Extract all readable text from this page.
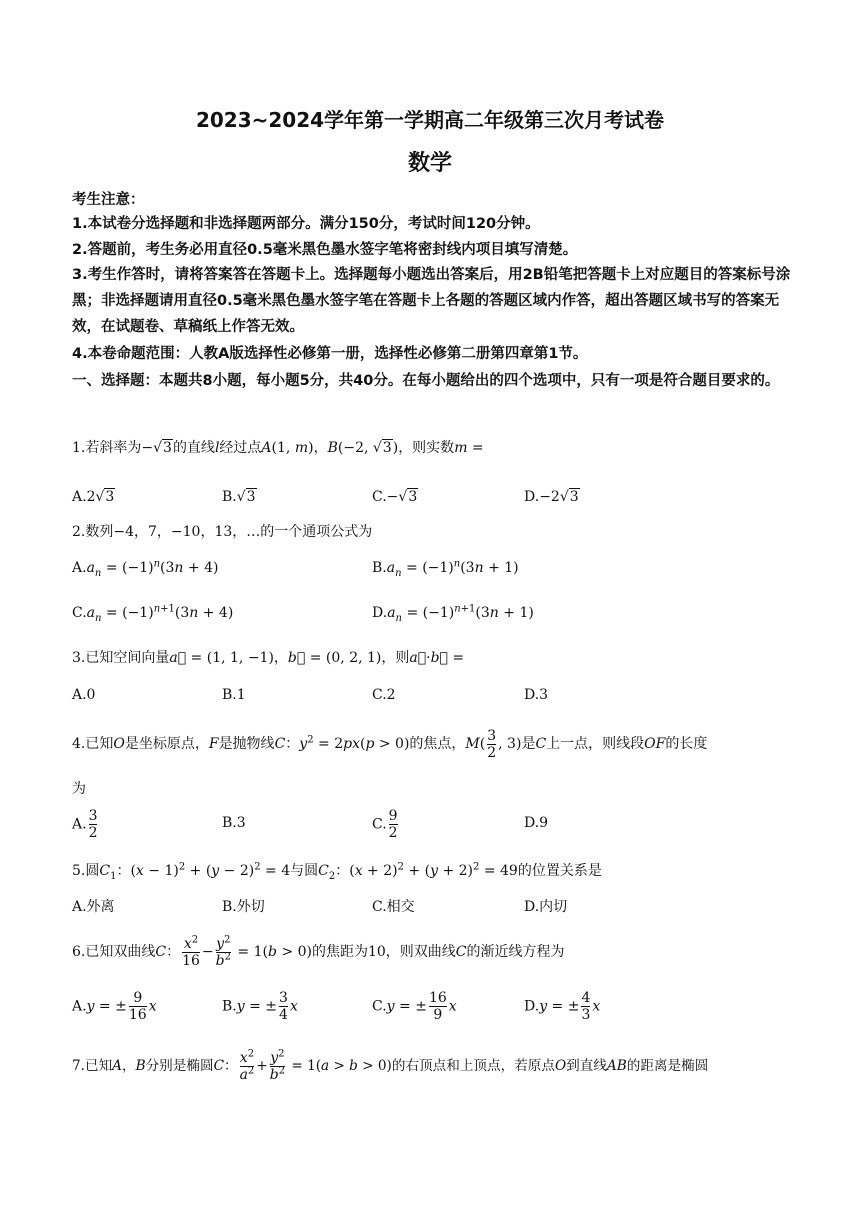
2023~2024学年第一学期高二年级第三次月考试卷
数学
考生注意：
1.本试卷分选择题和非选择题两部分。满分150分，考试时间120分钟。
2.答题前，考生务必用直径0.5毫米黑色墨水签字笔将密封线内项目填写清楚。
3.考生作答时，请将答案答在答题卡上。选择题每小题选出答案后，用2B铅笔把答题卡上对应题目的答案标号涂黑；非选择题请用直径0.5毫米黑色墨水签字笔在答题卡上各题的答题区域内作答，超出答题区域书写的答案无效，在试题卷、草稿纸上作答无效。
4.本卷命题范围：人教A版选择性必修第一册，选择性必修第二册第四章第1节。
一、选择题：本题共8小题，每小题5分，共40分。在每小题给出的四个选项中，只有一项是符合题目要求的。
1.若斜率为−√3的直线l经过点A(1, m)，B(−2, √3)，则实数m =
A.2√3	B.√3	C.−√3	D.−2√3
2.数列−4，7，−10，13，…的一个通项公式为
$A.a_n = (-1)^n(3n + 4)$	$B.a_n = (-1)^n(3n + 1)$
$C.a_n = (-1)^{n+1}(3n + 4)$	$D.a_n = (-1)^{n+1}(3n + 1)$
3.已知空间向量a⃗ = (1, 1, −1)，b⃗ = (0, 2, 1)，则a⃗·b⃗ =
A.0	B.1	C.2	D.3
4.已知O是坐标原点，F是抛物线C：$y^2 = 2px(p > 0)$的焦点，$M( \frac{3}{2}$ , 3)是C上一点，则线段OF的长度
为
A. $\frac{3}{2}$	B.3	C. $\frac{9}{2}$	D.9
5.圆$C_1$：$(x - 1)^2 + (y - 2)^2 = 4$与圆$C_2$：$(x + 2)^2 + (y + 2)^2 = 49$的位置关系是
A.外离	B.外切	C.相交	D.内切
6.已知双曲线C： $\frac{x^2}{16} - \frac{y^2}{b^2} = 1(b > 0)$的焦距为10，则双曲线C的渐近线方程为
A.y = ± $\frac{9}{16}$ x	B.y = ± $\frac{3}{4}$ x	C.y = ± $\frac{16}{9}$ x	D.y = ± $\frac{4}{3}$ x
7.已知A，B分别是椭圆C： $\frac{x^2}{a^2} + \frac{y^2}{b^2} = 1(a > b > 0)$的右顶点和上顶点，若原点O到直线AB的距离是椭圆
